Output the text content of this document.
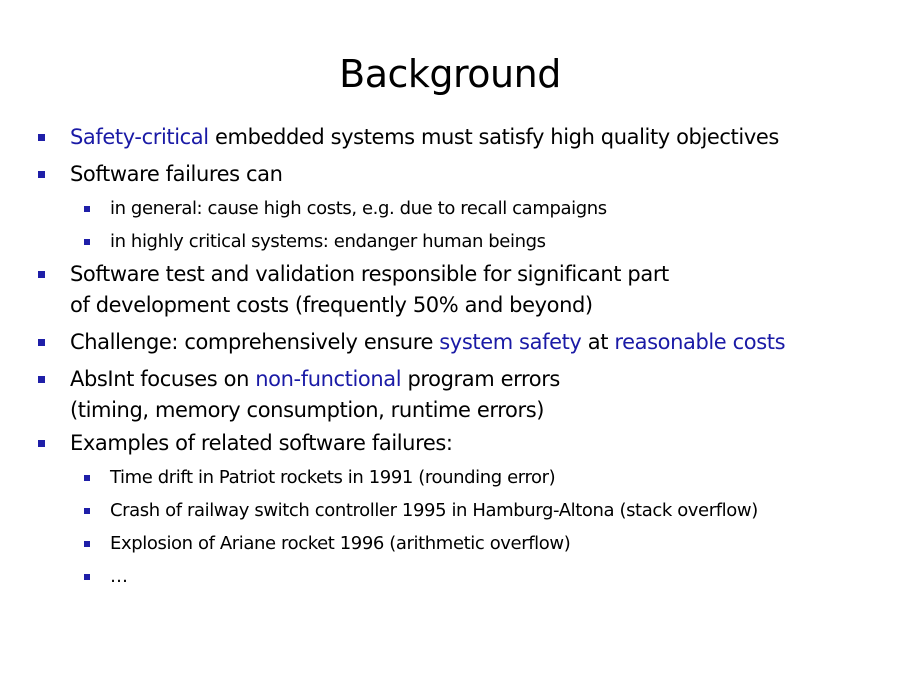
Background
Safety-critical embedded systems must satisfy high quality objectives
Software failures can
in general: cause high costs, e.g. due to recall campaigns
in highly critical systems: endanger human beings
Software test and validation responsible for significant part
of development costs (frequently 50% and beyond)
Challenge: comprehensively ensure system safety at reasonable costs
AbsInt focuses on non-functional program errors
(timing, memory consumption, runtime errors)
Examples of related software failures:
Time drift in Patriot rockets in 1991 (rounding error)
Crash of railway switch controller 1995 in Hamburg-Altona (stack overflow)
Explosion of Ariane rocket 1996 (arithmetic overflow)
…
